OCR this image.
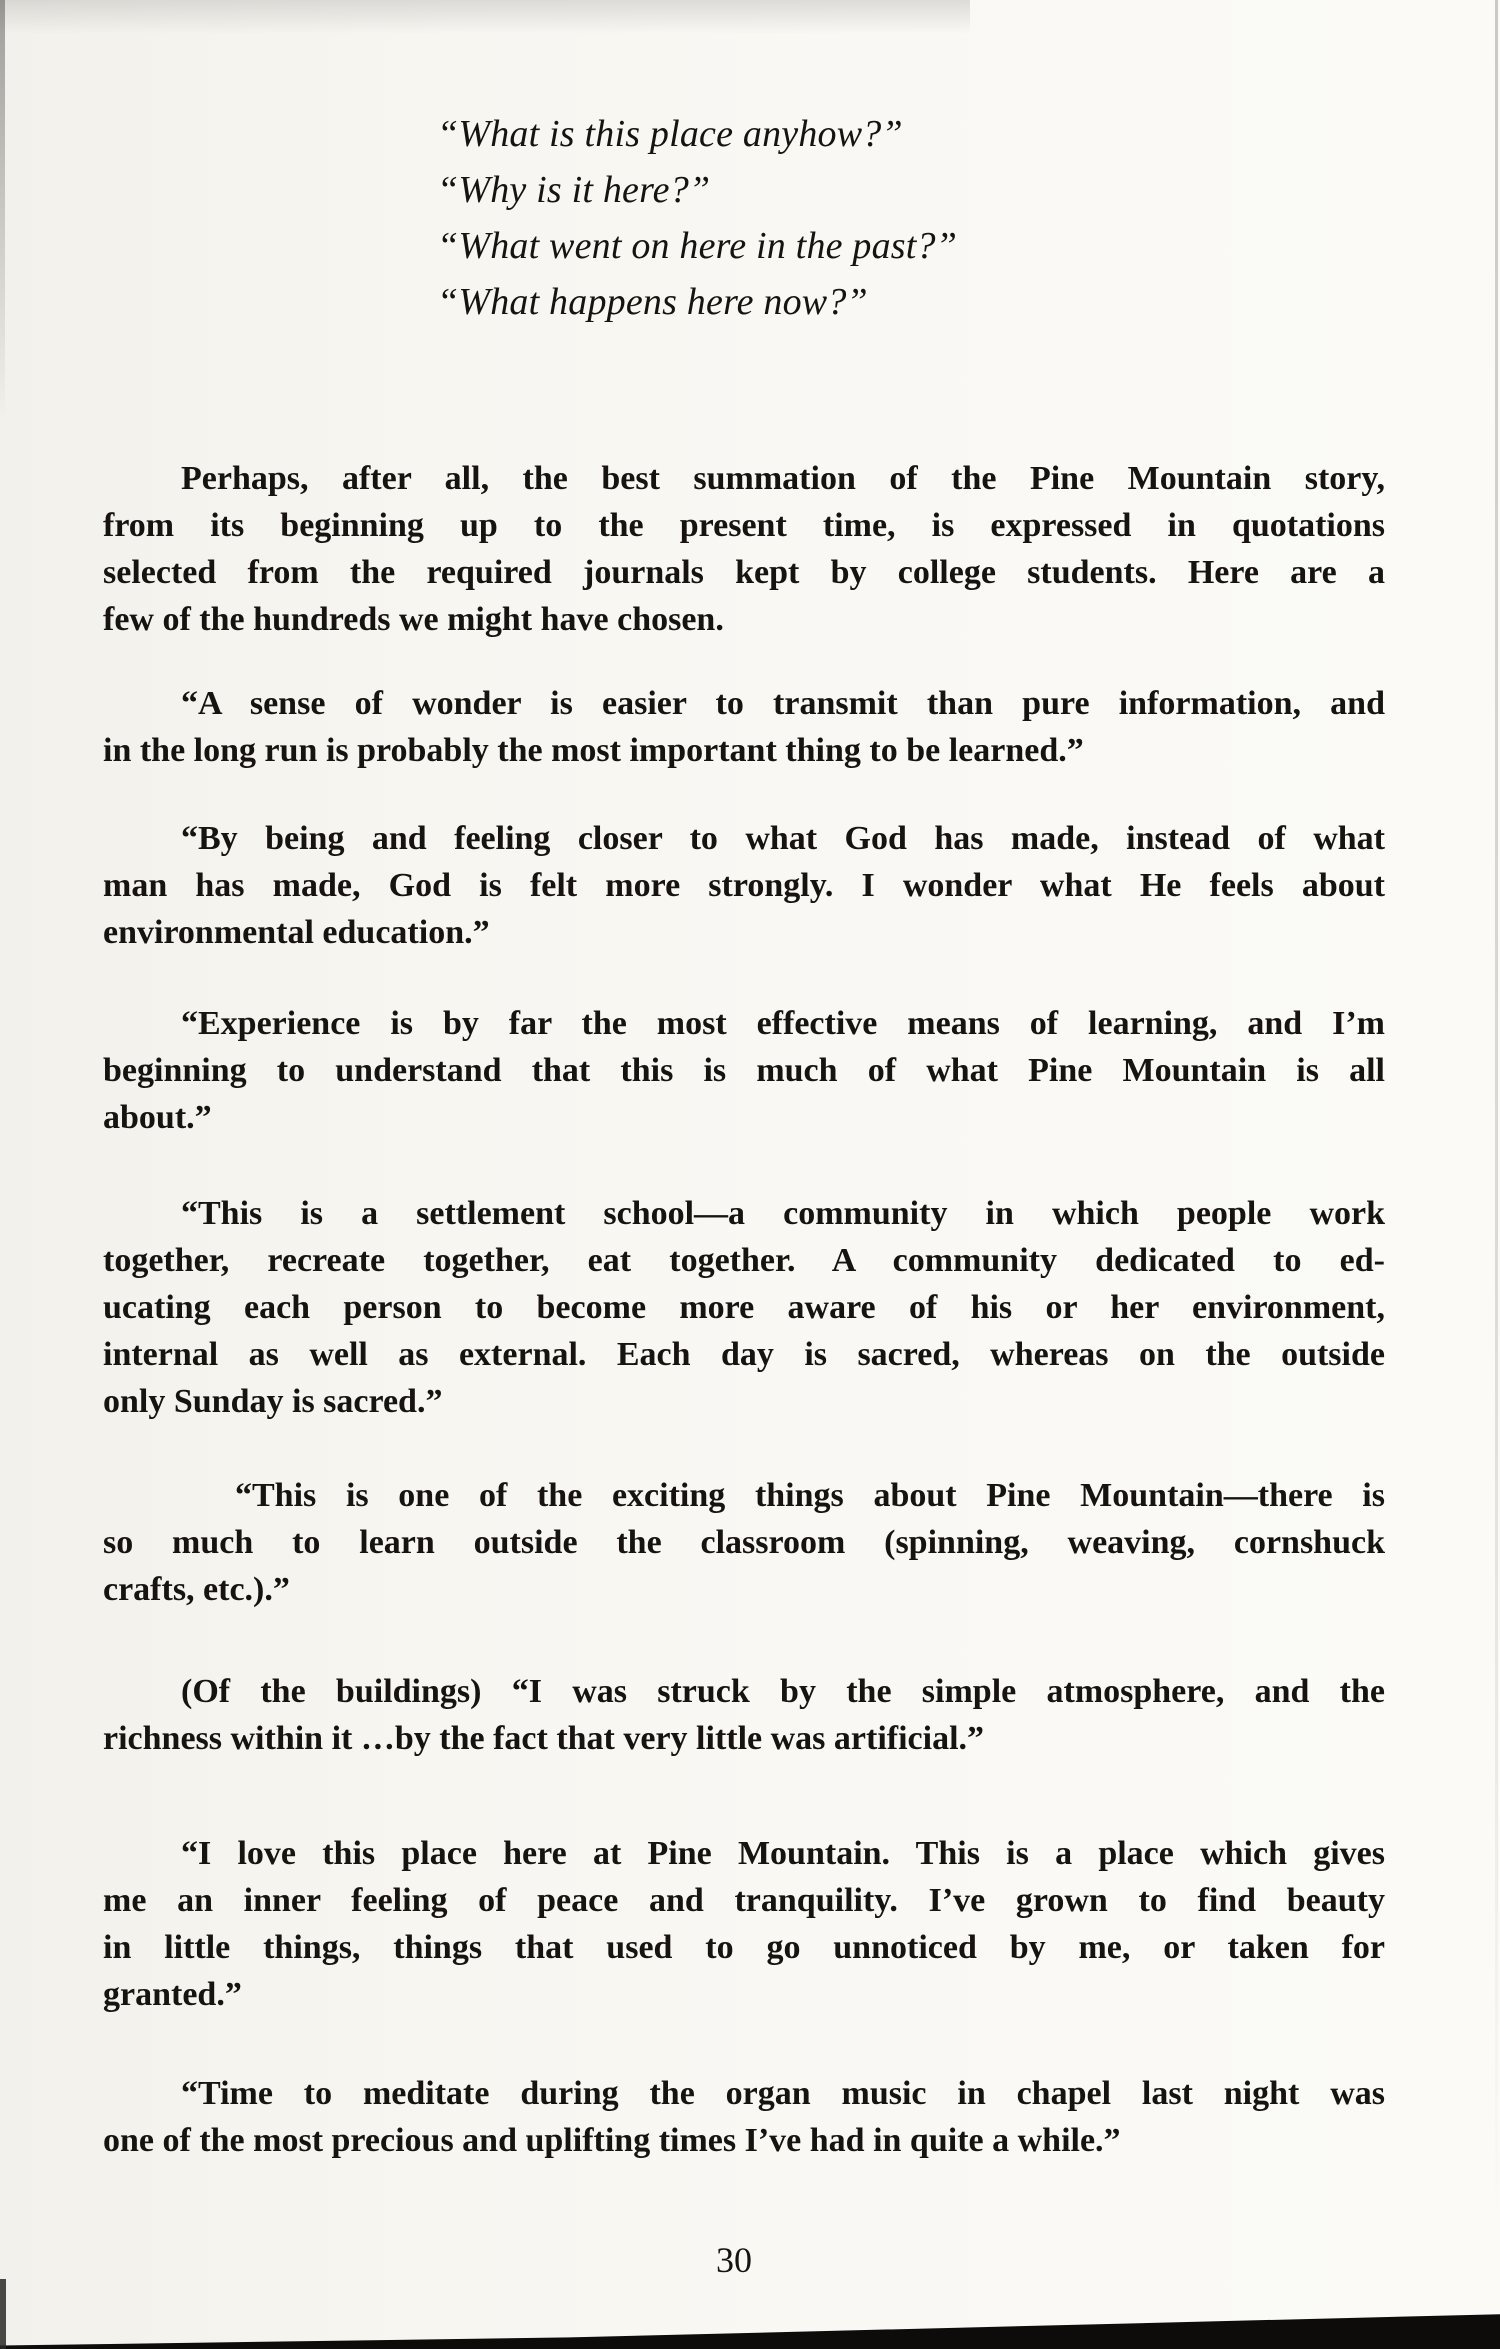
“What is this place anyhow?”
“Why is it here?”
“What went on here in the past?”
“What happens here now?”
Perhaps, after all, the best summation of the Pine Mountain story,
from its beginning up to the present time, is expressed in quotations
selected from the required journals kept by college students. Here are a
few of the hundreds we might have chosen.
“A sense of wonder is easier to transmit than pure information, and
in the long run is probably the most important thing to be learned.”
“By being and feeling closer to what God has made, instead of what
man has made, God is felt more strongly. I wonder what He feels about
environmental education.”
“Experience is by far the most effective means of learning, and I’m
beginning to understand that this is much of what Pine Mountain is all
about.”
“This is a settlement school—a community in which people work
together, recreate together, eat together. A community dedicated to ed-
ucating each person to become more aware of his or her environment,
internal as well as external. Each day is sacred, whereas on the outside
only Sunday is sacred.”
“This is one of the exciting things about Pine Mountain—there is
so much to learn outside the classroom (spinning, weaving, cornshuck
crafts, etc.).”
(Of the buildings) “I was struck by the simple atmosphere, and the
richness within it …by the fact that very little was artificial.”
“I love this place here at Pine Mountain. This is a place which gives
me an inner feeling of peace and tranquility. I’ve grown to find beauty
in little things, things that used to go unnoticed by me, or taken for
granted.”
“Time to meditate during the organ music in chapel last night was
one of the most precious and uplifting times I’ve had in quite a while.”
30
